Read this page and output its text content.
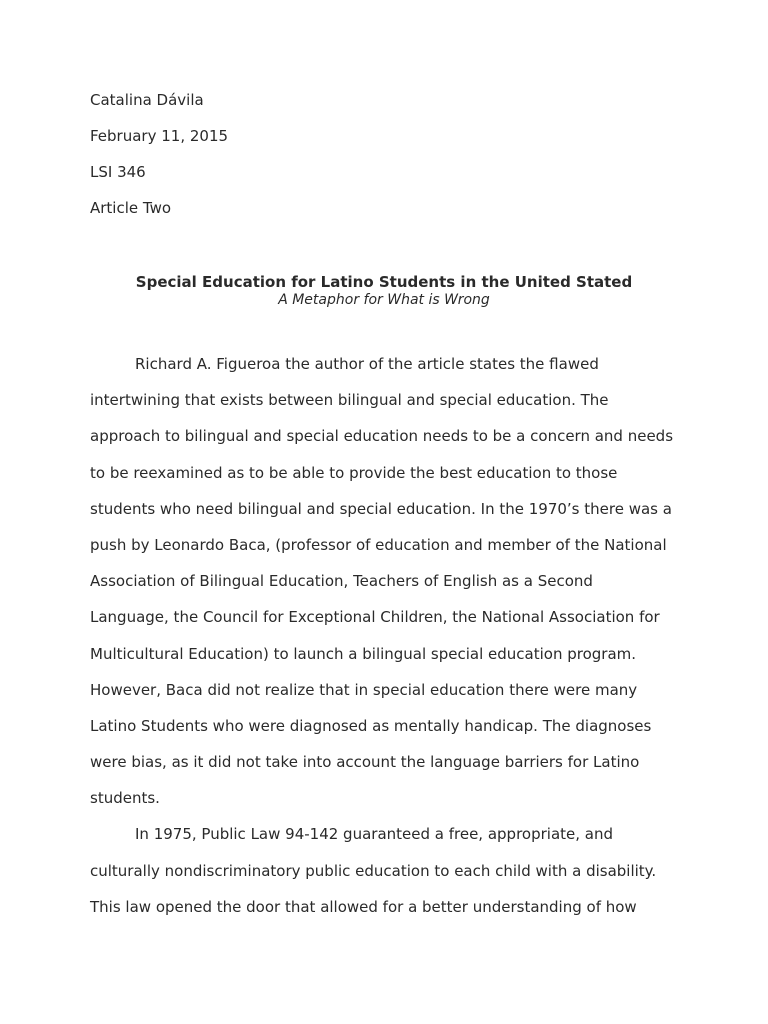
Catalina Dávila
February 11, 2015
LSI 346
Article Two
Special Education for Latino Students in the United Stated
A Metaphor for What is Wrong
Richard A. Figueroa the author of the article states the flawed
intertwining that exists between bilingual and special education. The
approach to bilingual and special education needs to be a concern and needs
to be reexamined as to be able to provide the best education to those
students who need bilingual and special education. In the 1970’s there was a
push by Leonardo Baca, (professor of education and member of the National
Association of Bilingual Education, Teachers of English as a Second
Language, the Council for Exceptional Children, the National Association for
Multicultural Education) to launch a bilingual special education program.
However, Baca did not realize that in special education there were many
Latino Students who were diagnosed as mentally handicap. The diagnoses
were bias, as it did not take into account the language barriers for Latino
students.
In 1975, Public Law 94-142 guaranteed a free, appropriate, and
culturally nondiscriminatory public education to each child with a disability.
This law opened the door that allowed for a better understanding of how
